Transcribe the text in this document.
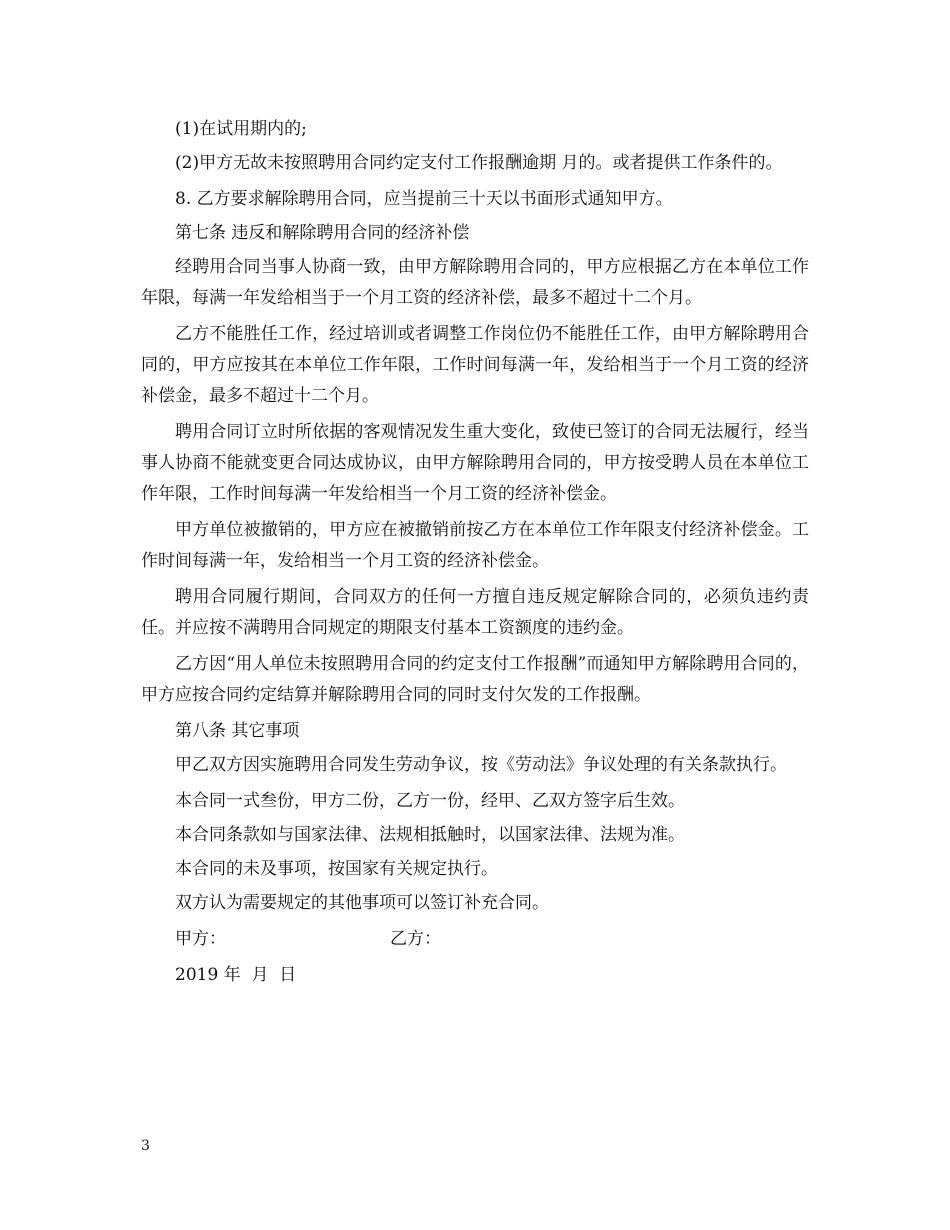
(1)在试用期内的;

(2)甲方无故未按照聘用合同约定支付工作报酬逾期 月的。或者提供工作条件的。

8. 乙方要求解除聘用合同，应当提前三十天以书面形式通知甲方。

第七条 违反和解除聘用合同的经济补偿

经聘用合同当事人协商一致，由甲方解除聘用合同的，甲方应根据乙方在本单位工作年限，每满一年发给相当于一个月工资的经济补偿，最多不超过十二个月。

乙方不能胜任工作，经过培训或者调整工作岗位仍不能胜任工作，由甲方解除聘用合同的，甲方应按其在本单位工作年限，工作时间每满一年，发给相当于一个月工资的经济补偿金，最多不超过十二个月。

聘用合同订立时所依据的客观情况发生重大变化，致使已签订的合同无法履行，经当事人协商不能就变更合同达成协议，由甲方解除聘用合同的，甲方按受聘人员在本单位工作年限，工作时间每满一年发给相当一个月工资的经济补偿金。

甲方单位被撤销的，甲方应在被撤销前按乙方在本单位工作年限支付经济补偿金。工作时间每满一年，发给相当一个月工资的经济补偿金。

聘用合同履行期间，合同双方的任何一方擅自违反规定解除合同的，必须负违约责任。并应按不满聘用合同规定的期限支付基本工资额度的违约金。

乙方因“用人单位未按照聘用合同的约定支付工作报酬”而通知甲方解除聘用合同的，甲方应按合同约定结算并解除聘用合同的同时支付欠发的工作报酬。

第八条 其它事项

甲乙双方因实施聘用合同发生劳动争议，按《劳动法》争议处理的有关条款执行。

本合同一式叁份，甲方二份，乙方一份，经甲、乙双方签字后生效。

本合同条款如与国家法律、法规相抵触时，以国家法律、法规为准。

本合同的未及事项，按国家有关规定执行。

双方认为需要规定的其他事项可以签订补充合同。

甲方：	乙方：

2019 年  月  日

3
